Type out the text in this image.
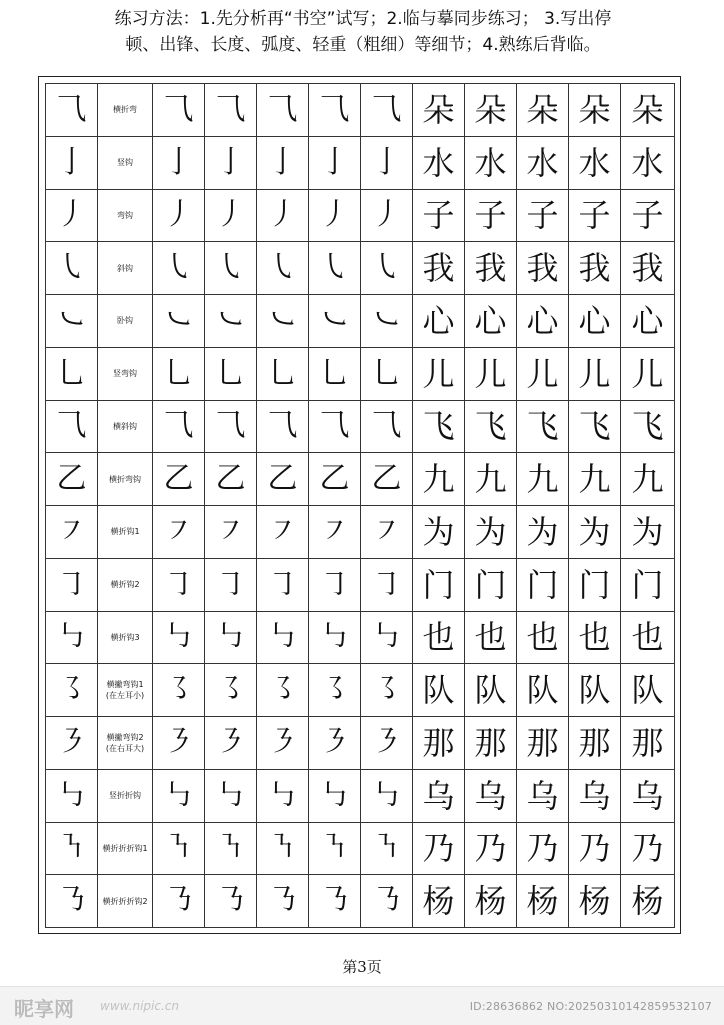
练习方法：1.先分析再“书空”试写；2.临与摹同步练习； 3.写出停
顿、出锋、长度、弧度、轻重（粗细）等细节；4.熟练后背临。
⺄	横折弯	⺄	⺄	⺄	⺄	⺄	朵	朵	朵	朵	朵
亅	竖钩	亅	亅	亅	亅	亅	水	水	水	水	水
丿	弯钩	丿	丿	丿	丿	丿	子	子	子	子	子
㇂	斜钩	㇂	㇂	㇂	㇂	㇂	我	我	我	我	我
㇃	卧钩	㇃	㇃	㇃	㇃	㇃	心	心	心	心	心
乚	竖弯钩	乚	乚	乚	乚	乚	儿	儿	儿	儿	儿
⺄	横斜钩	⺄	⺄	⺄	⺄	⺄	飞	飞	飞	飞	飞
乙	横折弯钩	乙	乙	乙	乙	乙	九	九	九	九	九
㇇	横折钩1	㇇	㇇	㇇	㇇	㇇	为	为	为	为	为
㇆	横折钩2	㇆	㇆	㇆	㇆	㇆	门	门	门	门	门
㇉	横折钩3	㇉	㇉	㇉	㇉	㇉	也	也	也	也	也
㇌	横撇弯钩1
(在左耳小)	㇌	㇌	㇌	㇌	㇌	队	队	队	队	队
㇋	横撇弯钩2
(在右耳大)	㇋	㇋	㇋	㇋	㇋	那	那	那	那	那
㇉	竖折折钩	㇉	㇉	㇉	㇉	㇉	乌	乌	乌	乌	乌
㇎	横折折折钩1	㇎	㇎	㇎	㇎	㇎	乃	乃	乃	乃	乃
㇡	横折折折钩2	㇡	㇡	㇡	㇡	㇡	杨	杨	杨	杨	杨
第3页
昵享网 www.nipic.cn	ID:28636862 NO:20250310142859532107
